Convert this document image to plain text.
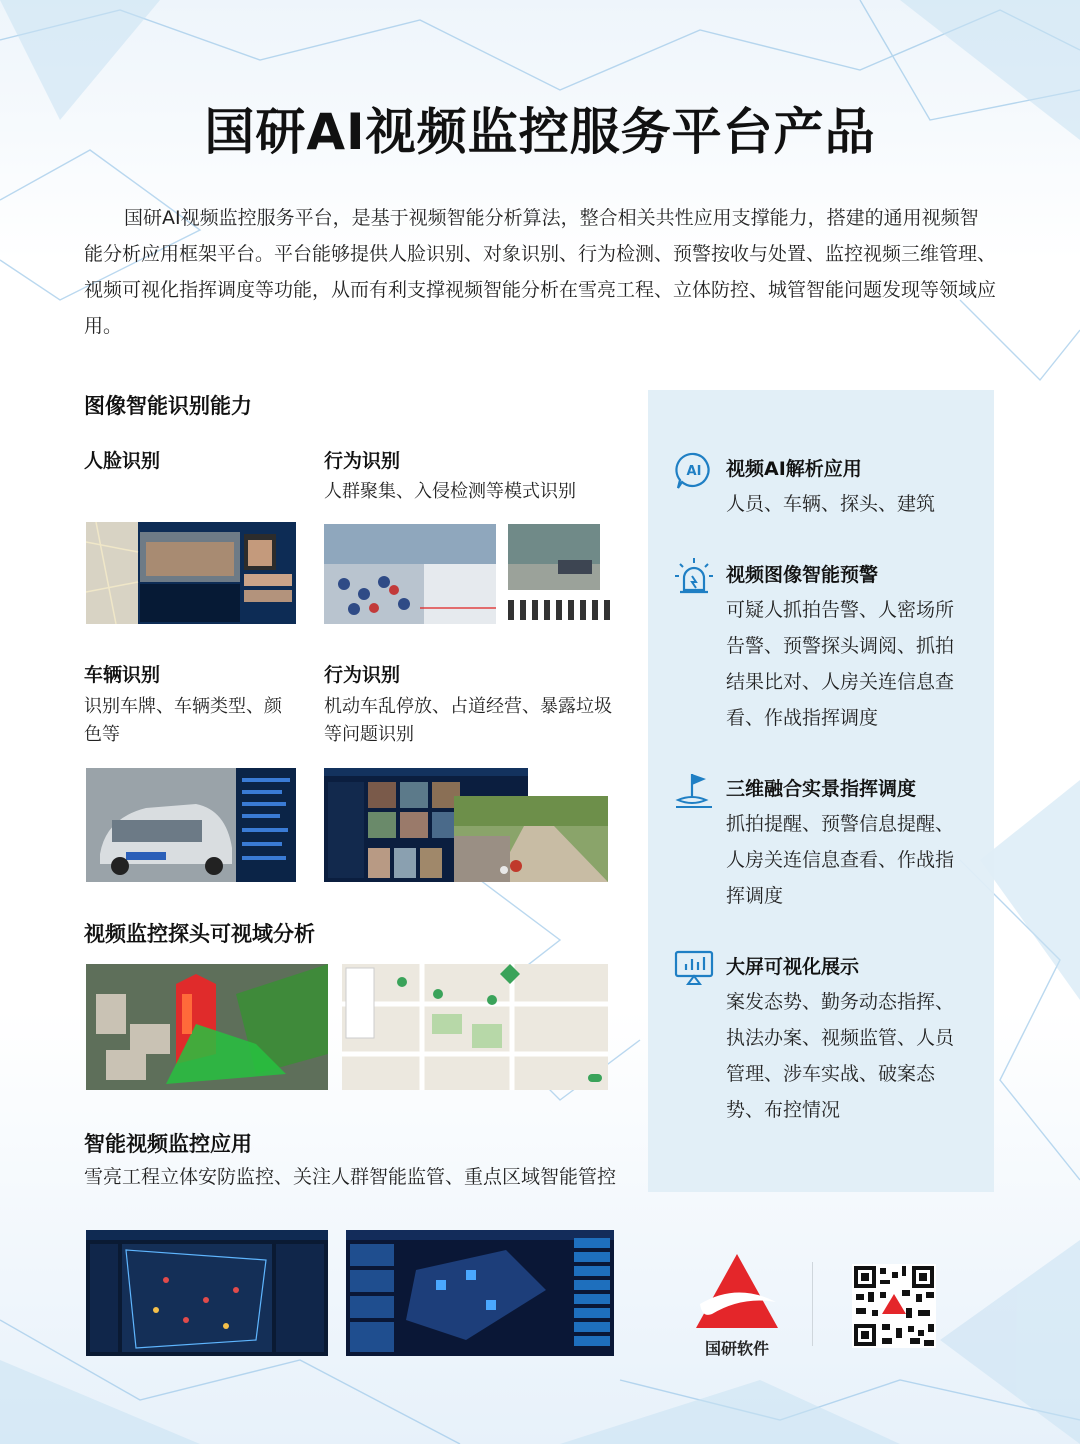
国研AI视频监控服务平台产品

国研AI视频监控服务平台，是基于视频智能分析算法，整合相关共性应用支撑能力，搭建的通用视频智能分析应用框架平台。平台能够提供人脸识别、对象识别、行为检测、预警按收与处置、监控视频三维管理、视频可视化指挥调度等功能，从而有利支撑视频智能分析在雪亮工程、立体防控、城管智能问题发现等领域应用。

图像智能识别能力
人脸识别	行为识别
人群聚集、入侵检测等模式识别
车辆识别
识别车牌、车辆类型、颜色等
行为识别
机动车乱停放、占道经营、暴露垃圾等问题识别
视频监控探头可视域分析
智能视频监控应用
雪亮工程立体安防监控、关注人群智能监管、重点区域智能管控
AI 视频AI解析应用
人员、车辆、探头、建筑
视频图像智能预警
可疑人抓拍告警、人密场所告警、预警探头调阅、抓拍结果比对、人房关连信息查看、作战指挥调度
三维融合实景指挥调度
抓拍提醒、预警信息提醒、人房关连信息查看、作战指挥调度
大屏可视化展示
案发态势、勤务动态指挥、执法办案、视频监管、人员管理、涉车实战、破案态势、布控情况
国研软件
